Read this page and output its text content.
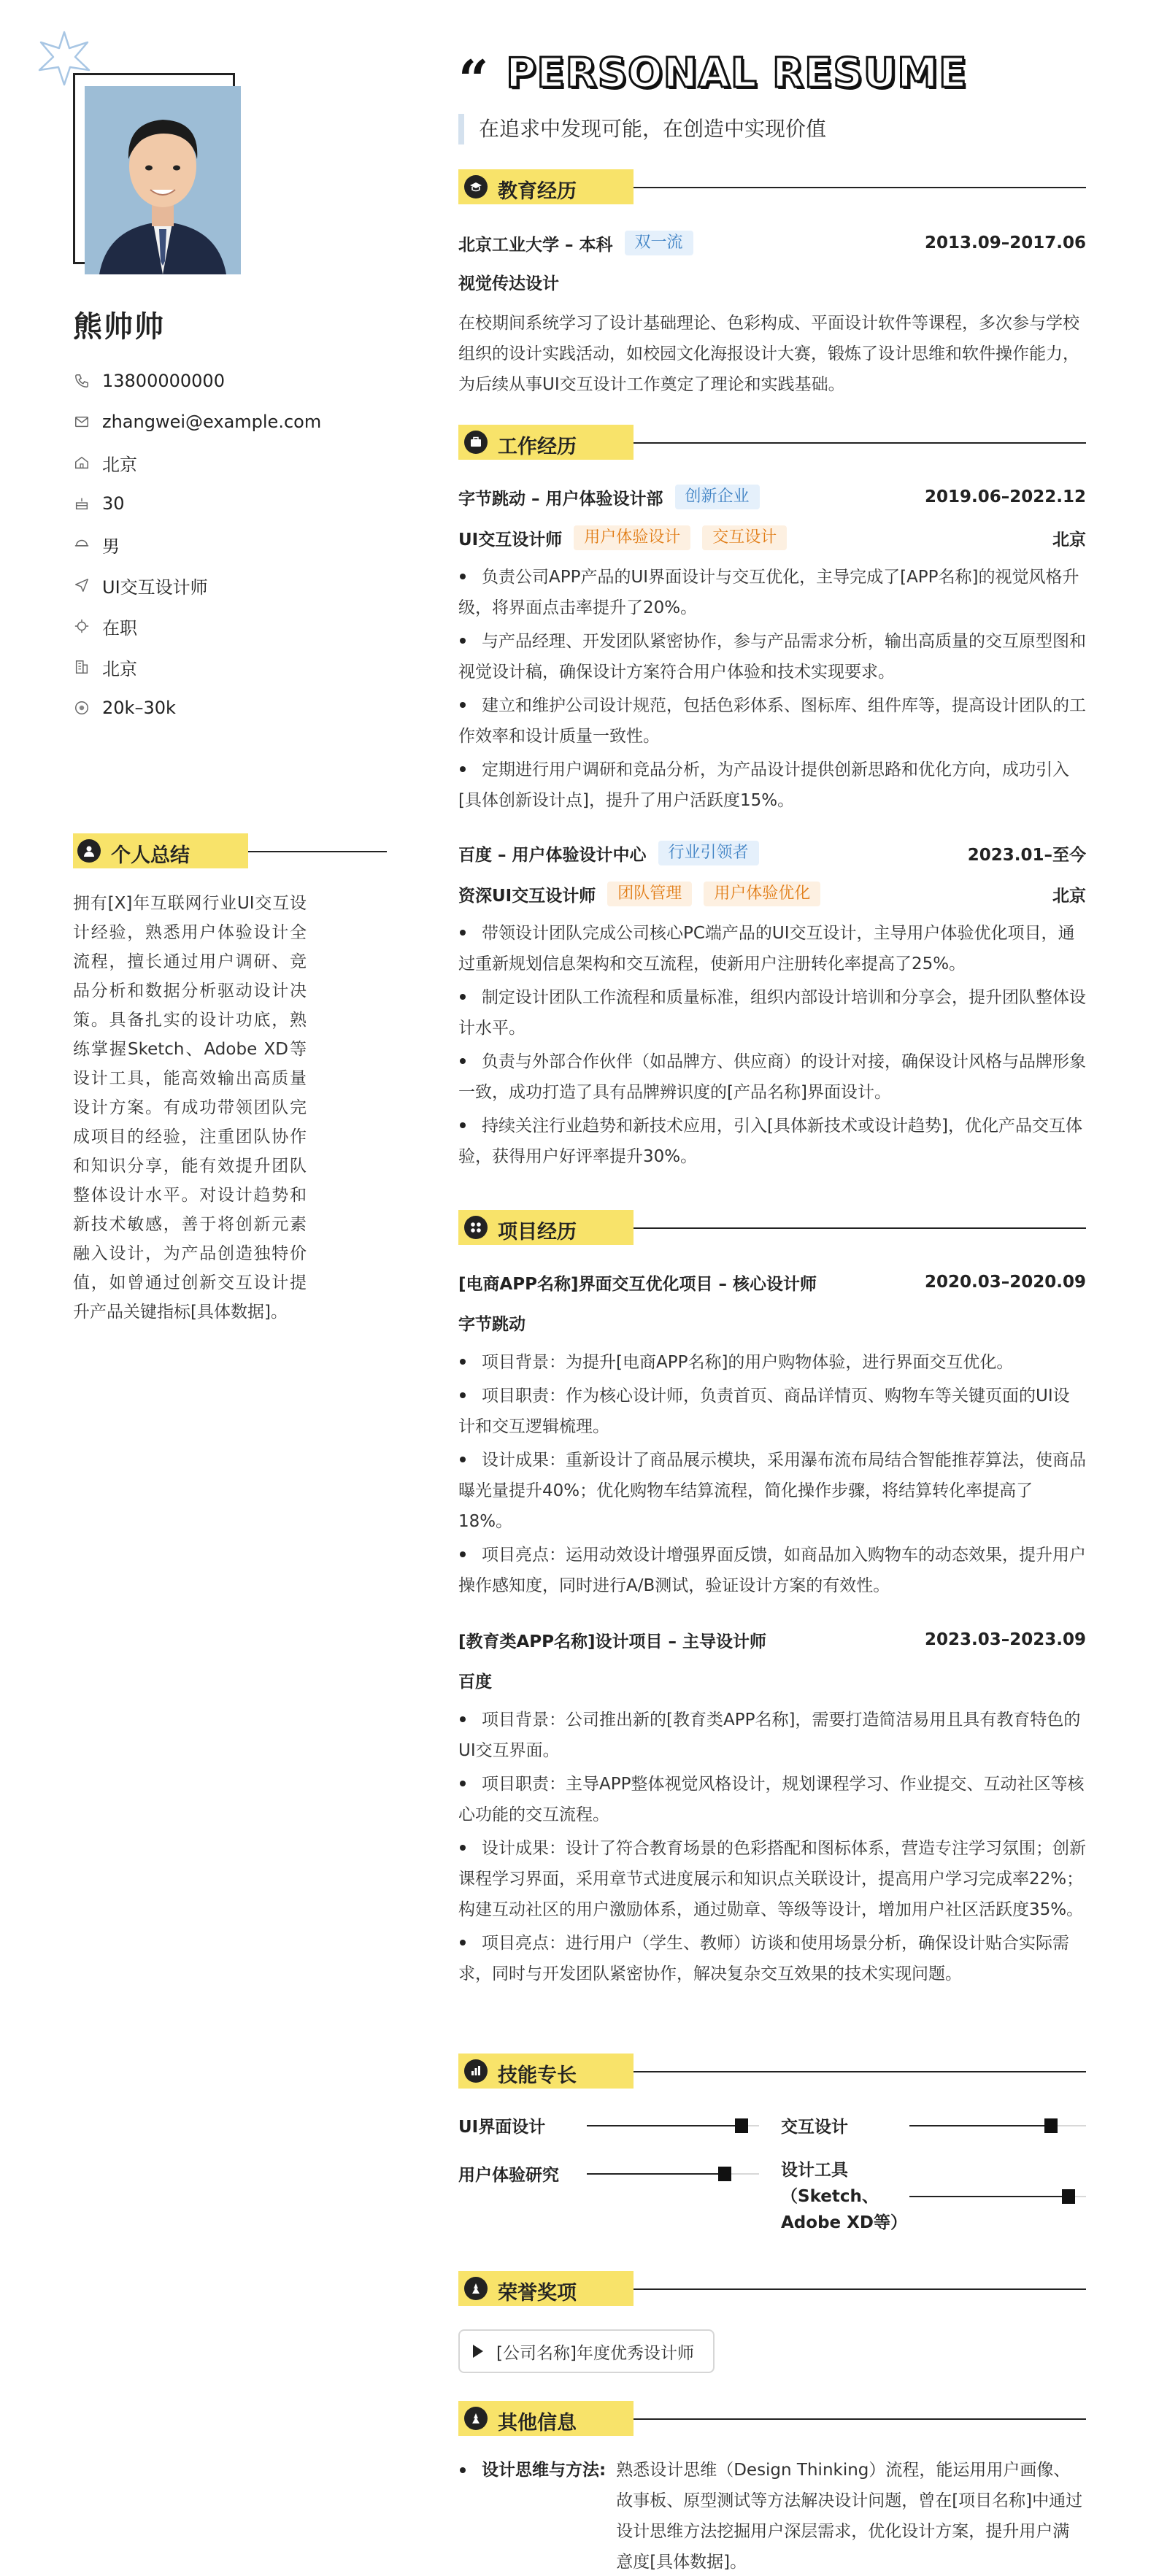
熊帅帅
13800000000
zhangwei@example.com
北京
30
男
UI交互设计师
在职
北京
20k–30k
个人总结
拥有[X]年互联网行业UI交互设计经验，熟悉用户体验设计全流程，擅长通过用户调研、竞品分析和数据分析驱动设计决策。具备扎实的设计功底，熟练掌握Sketch、Adobe XD等设计工具，能高效输出高质量设计方案。有成功带领团队完成项目的经验，注重团队协作和知识分享，能有效提升团队整体设计水平。对设计趋势和新技术敏感，善于将创新元素融入设计，为产品创造独特价值，如曾通过创新交互设计提升产品关键指标[具体数据]。
“ PERSONAL RESUME
在追求中发现可能，在创造中实现价值
教育经历
北京工业大学 – 本科	双一流	2013.09–2017.06
视觉传达设计
在校期间系统学习了设计基础理论、色彩构成、平面设计软件等课程，多次参与学校组织的设计实践活动，如校园文化海报设计大赛，锻炼了设计思维和软件操作能力，为后续从事UI交互设计工作奠定了理论和实践基础。
工作经历
字节跳动 – 用户体验设计部	创新企业	2019.06–2022.12
UI交互设计师	用户体验设计	交互设计	北京
负责公司APP产品的UI界面设计与交互优化，主导完成了[APP名称]的视觉风格升级，将界面点击率提升了20%。
与产品经理、开发团队紧密协作，参与产品需求分析，输出高质量的交互原型图和视觉设计稿，确保设计方案符合用户体验和技术实现要求。
建立和维护公司设计规范，包括色彩体系、图标库、组件库等，提高设计团队的工作效率和设计质量一致性。
定期进行用户调研和竞品分析，为产品设计提供创新思路和优化方向，成功引入[具体创新设计点]，提升了用户活跃度15%。
百度 – 用户体验设计中心	行业引领者	2023.01–至今
资深UI交互设计师	团队管理	用户体验优化	北京
带领设计团队完成公司核心PC端产品的UI交互设计，主导用户体验优化项目，通过重新规划信息架构和交互流程，使新用户注册转化率提高了25%。
制定设计团队工作流程和质量标准，组织内部设计培训和分享会，提升团队整体设计水平。
负责与外部合作伙伴（如品牌方、供应商）的设计对接，确保设计风格与品牌形象一致，成功打造了具有品牌辨识度的[产品名称]界面设计。
持续关注行业趋势和新技术应用，引入[具体新技术或设计趋势]，优化产品交互体验，获得用户好评率提升30%。
项目经历
[电商APP名称]界面交互优化项目 – 核心设计师	2020.03–2020.09
字节跳动
项目背景：为提升[电商APP名称]的用户购物体验，进行界面交互优化。
项目职责：作为核心设计师，负责首页、商品详情页、购物车等关键页面的UI设计和交互逻辑梳理。
设计成果：重新设计了商品展示模块，采用瀑布流布局结合智能推荐算法，使商品曝光量提升40%；优化购物车结算流程，简化操作步骤，将结算转化率提高了18%。
项目亮点：运用动效设计增强界面反馈，如商品加入购物车的动态效果，提升用户操作感知度，同时进行A/B测试，验证设计方案的有效性。
[教育类APP名称]设计项目 – 主导设计师	2023.03–2023.09
百度
项目背景：公司推出新的[教育类APP名称]，需要打造简洁易用且具有教育特色的UI交互界面。
项目职责：主导APP整体视觉风格设计，规划课程学习、作业提交、互动社区等核心功能的交互流程。
设计成果：设计了符合教育场景的色彩搭配和图标体系，营造专注学习氛围；创新课程学习界面，采用章节式进度展示和知识点关联设计，提高用户学习完成率22%；构建互动社区的用户激励体系，通过勋章、等级等设计，增加用户社区活跃度35%。
项目亮点：进行用户（学生、教师）访谈和使用场景分析，确保设计贴合实际需求，同时与开发团队紧密协作，解决复杂交互效果的技术实现问题。
技能专长
UI界面设计	交互设计
用户体验研究	设计工具
（Sketch、
Adobe XD等）
荣誉奖项
[公司名称]年度优秀设计师
其他信息
设计思维与方法: 熟悉设计思维（Design Thinking）流程，能运用用户画像、故事板、原型测试等方法解决设计问题，曾在[项目名称]中通过设计思维方法挖掘用户深层需求，优化设计方案，提升用户满意度[具体数据]。
